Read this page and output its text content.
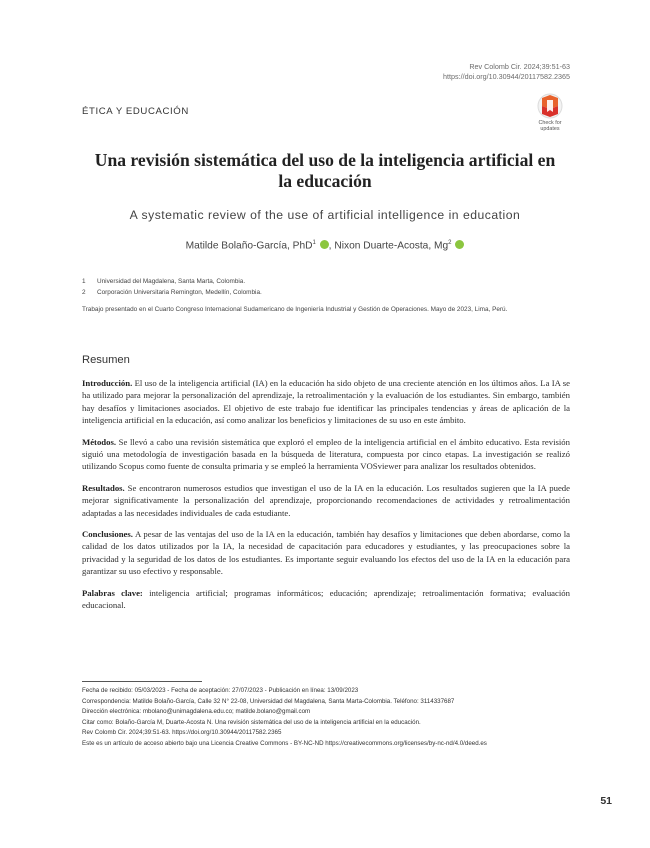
Rev Colomb Cir. 2024;39:51-63
https://doi.org/10.30944/20117582.2365
ÉTICA Y EDUCACIÓN
Check for
updates
Una revisión sistemática del uso de la inteligencia artificial en la educación
A systematic review of the use of artificial intelligence in education
Matilde Bolaño-García, PhD$^1$ , Nixon Duarte-Acosta, Mg$^2$
1 Universidad del Magdalena, Santa Marta, Colombia.
2 Corporación Universitaria Remington, Medellín, Colombia.
Trabajo presentado en el Cuarto Congreso Internacional Sudamericano de Ingeniería Industrial y Gestión de Operaciones. Mayo de 2023, Lima, Perú.
Resumen

Introducción. El uso de la inteligencia artificial (IA) en la educación ha sido objeto de una creciente atención en los últimos años. La IA se ha utilizado para mejorar la personalización del aprendizaje, la retroalimentación y la evaluación de los estudiantes. Sin embargo, también hay desafíos y limitaciones asociados. El objetivo de este trabajo fue identificar las principales tendencias y áreas de aplicación de la inteligencia artificial en la educación, así como analizar los beneficios y limitaciones de su uso en este ámbito.

Métodos. Se llevó a cabo una revisión sistemática que exploró el empleo de la inteligencia artificial en el ámbito educativo. Esta revisión siguió una metodología de investigación basada en la búsqueda de literatura, compuesta por cinco etapas. La investigación se realizó utilizando Scopus como fuente de consulta primaria y se empleó la herramienta VOSviewer para analizar los resultados obtenidos.

Resultados. Se encontraron numerosos estudios que investigan el uso de la IA en la educación. Los resultados sugieren que la IA puede mejorar significativamente la personalización del aprendizaje, proporcionando recomendaciones de actividades y retroalimentación adaptadas a las necesidades individuales de cada estudiante.

Conclusiones. A pesar de las ventajas del uso de la IA en la educación, también hay desafíos y limitaciones que deben abordarse, como la calidad de los datos utilizados por la IA, la necesidad de capacitación para educadores y estudiantes, y las preocupaciones sobre la privacidad y la seguridad de los datos de los estudiantes. Es importante seguir evaluando los efectos del uso de la IA en la educación para garantizar su uso efectivo y responsable.

Palabras clave: inteligencia artificial; programas informáticos; educación; aprendizaje; retroalimentación formativa; evaluación educacional.

Fecha de recibido: 05/03/2023 - Fecha de aceptación: 27/07/2023 - Publicación en línea: 13/09/2023
Correspondencia: Matilde Bolaño-García, Calle 32 N° 22-08, Universidad del Magdalena, Santa Marta-Colombia. Teléfono: 3114337687
Dirección electrónica: mbolano@unimagdalena.edu.co; matilde.bolano@gmail.com
Citar como: Bolaño-García M, Duarte-Acosta N. Una revisión sistemática del uso de la inteligencia artificial en la educación.
Rev Colomb Cir. 2024;39:51-63. https://doi.org/10.30944/20117582.2365
Este es un artículo de acceso abierto bajo una Licencia Creative Commons - BY-NC-ND https://creativecommons.org/licenses/by-nc-nd/4.0/deed.es
51
